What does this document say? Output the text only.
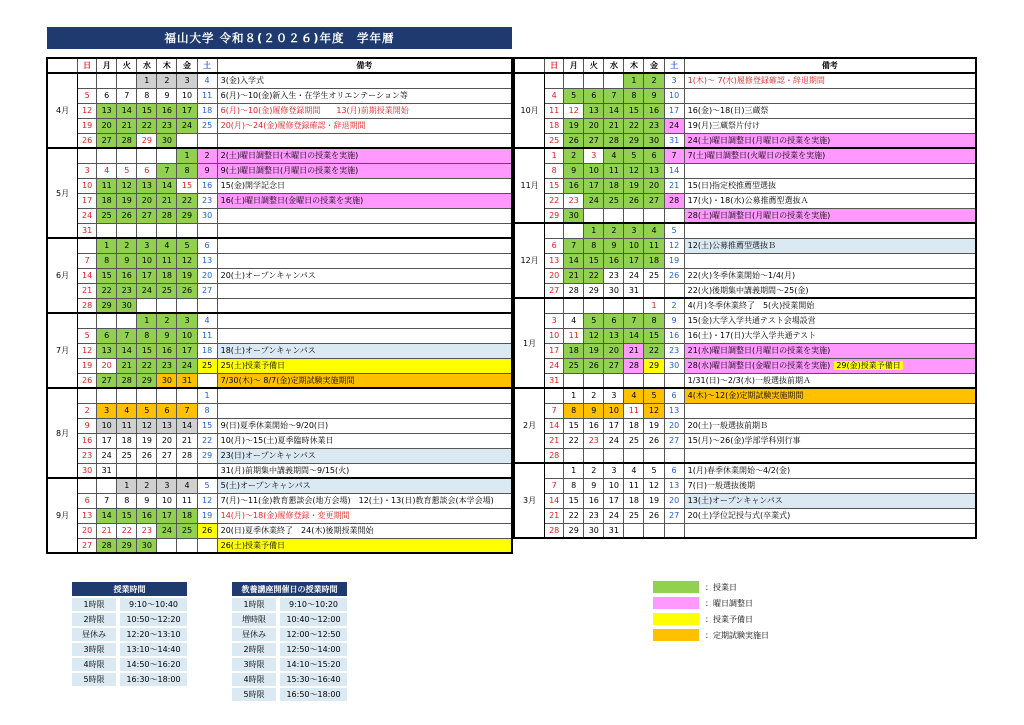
福山大学 令和８(２０２６)年度　学年暦
	日	月	火	水	木	金	土	備考
4月				1	2	3	4	3(金)入学式
	5	6	7	8	9	10	11	6(月)～10(金)新入生・在学生オリエンテーション等
	12	13	14	15	16	17	18	6(月)～10(金)履修登録期間　　13(月)前期授業開始
	19	20	21	22	23	24	25	20(月)～24(金)履修登録確認・辞退期間
	26	27	28	29	30			
5月						1	2	2(土)曜日調整日(木曜日の授業を実施)
	3	4	5	6	7	8	9	9(土)曜日調整日(月曜日の授業を実施)
	10	11	12	13	14	15	16	15(金)開学記念日
	17	18	19	20	21	22	23	16(土)曜日調整日(金曜日の授業を実施)
	24	25	26	27	28	29	30	
	31							
6月		1	2	3	4	5	6	
	7	8	9	10	11	12	13	
	14	15	16	17	18	19	20	20(土)オープンキャンパス
	21	22	23	24	25	26	27	
	28	29	30					
7月				1	2	3	4	
	5	6	7	8	9	10	11	
	12	13	14	15	16	17	18	18(土)オープンキャンパス
	19	20	21	22	23	24	25	25(土)授業予備日
	26	27	28	29	30	31		7/30(木)～ 8/7(金)定期試験実施期間
8月							1	
	2	3	4	5	6	7	8	
	9	10	11	12	13	14	15	9(日)夏季休業開始～9/20(日)
	16	17	18	19	20	21	22	10(月)～15(土)夏季臨時休業日
	23	24	25	26	27	28	29	23(日)オープンキャンパス
	30	31						31(月)前期集中講義期間～9/15(火)
9月			1	2	3	4	5	5(土)オープンキャンパス
	6	7	8	9	10	11	12	7(月)～11(金)教育懇談会(地方会場)　12(土)・13(日)教育懇談会(本学会場)
	13	14	15	16	17	18	19	14(月)～18(金)履修登録・変更期間
	20	21	22	23	24	25	26	20(日)夏季休業終了　24(木)後期授業開始
	27	28	29	30				26(土)授業予備日
	日	月	火	水	木	金	土	備考
10月					1	2	3	1(木)～ 7(水)履修登録確認・辞退期間
	4	5	6	7	8	9	10	
	11	12	13	14	15	16	17	16(金)～18(日)三蔵祭
	18	19	20	21	22	23	24	19(月)三蔵祭片付け
	25	26	27	28	29	30	31	24(土)曜日調整日(月曜日の授業を実施)
11月	1	2	3	4	5	6	7	7(土)曜日調整日(火曜日の授業を実施)
	8	9	10	11	12	13	14	
	15	16	17	18	19	20	21	15(日)指定校推薦型選抜
	22	23	24	25	26	27	28	17(火)・18(水)公募推薦型選抜Ａ
	29	30						28(土)曜日調整日(月曜日の授業を実施)
12月			1	2	3	4	5	
	6	7	8	9	10	11	12	12(土)公募推薦型選抜Ｂ
	13	14	15	16	17	18	19	
	20	21	22	23	24	25	26	22(火)冬季休業開始～1/4(月)
	27	28	29	30	31			22(火)後期集中講義期間～25(金)
1月						1	2	4(月)冬季休業終了　5(火)授業開始
	3	4	5	6	7	8	9	15(金)大学入学共通テスト会場設営
	10	11	12	13	14	15	16	16(土)・17(日)大学入学共通テスト
	17	18	19	20	21	22	23	21(水)曜日調整日(月曜日の授業を実施)
	24	25	26	27	28	29	30	28(水)曜日調整日(金曜日の授業を実施) 29(金)授業予備日
	31							1/31(日)～2/3(水)一般選抜前期Ａ
2月		1	2	3	4	5	6	4(木)～12(金)定期試験実施期間
	7	8	9	10	11	12	13	
	14	15	16	17	18	19	20	20(土)一般選抜前期Ｂ
	21	22	23	24	25	26	27	15(月)～26(金)学部学科別行事
	28							
3月		1	2	3	4	5	6	1(月)春季休業開始～4/2(金)
	7	8	9	10	11	12	13	7(日)一般選抜後期
	14	15	16	17	18	19	20	13(土)オープンキャンパス
	21	22	23	24	25	26	27	20(土)学位記授与式(卒業式)
	28	29	30	31				
授業時間	
1時限	9:10～10:40
2時限	10:50～12:20
昼休み	12:20～13:10
3時限	13:10～14:40
4時限	14:50～16:20
5時限	16:30～18:00
教養講座開催日の授業時間	
1時限	9:10～10:20
増時限	10:40～12:00
昼休み	12:00～12:50
2時限	12:50～14:00
3時限	14:10～15:20
4時限	15:30～16:40
5時限	16:50～18:00
：授業日
：曜日調整日
：授業予備日
：定期試験実施日
